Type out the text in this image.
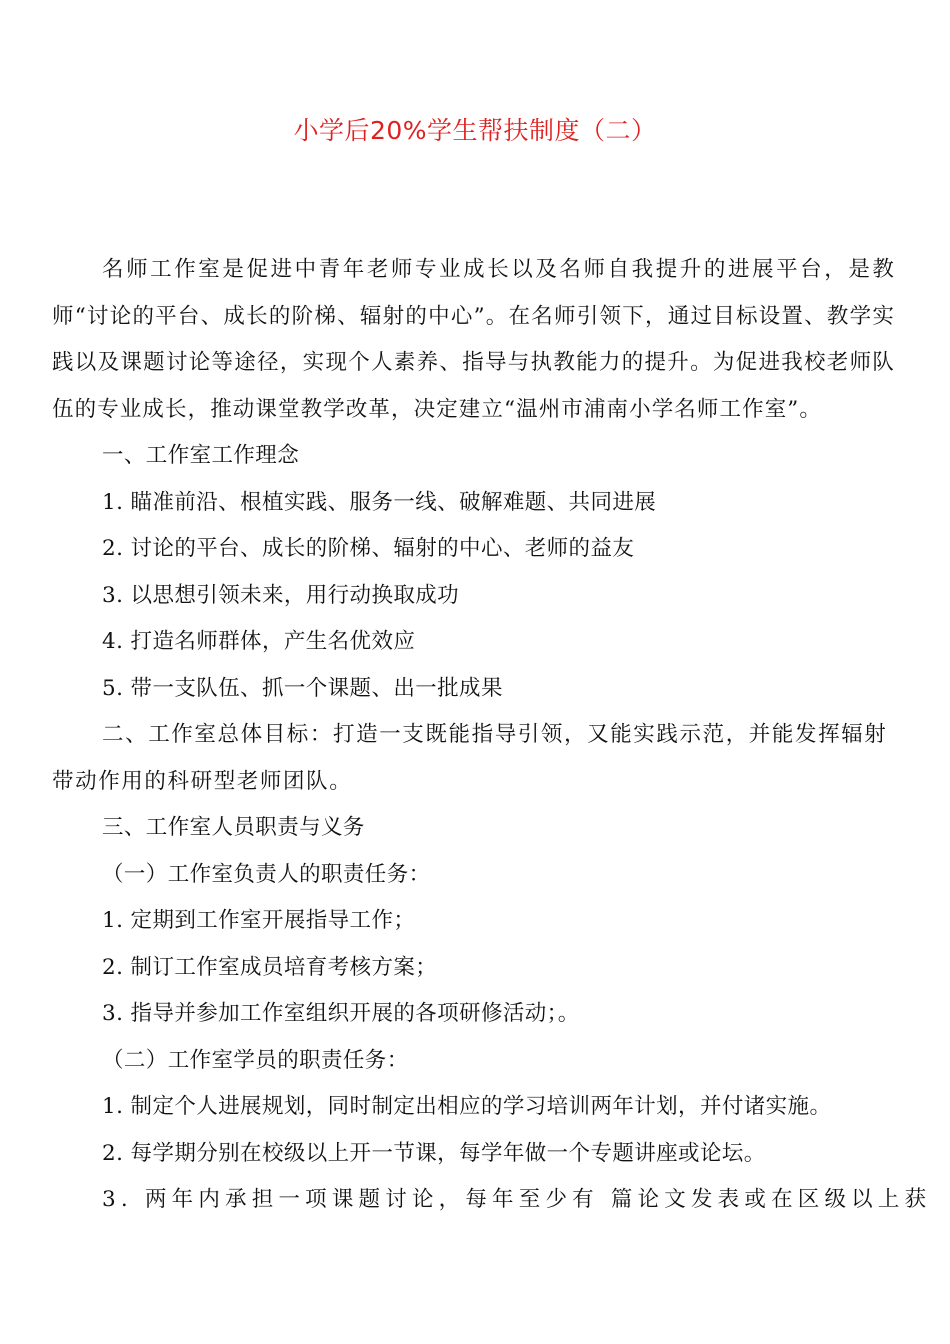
小学后20%学生帮扶制度（二）

名师工作室是促进中青年老师专业成长以及名师自我提升的进展平台，是教师“讨论的平台、成长的阶梯、辐射的中心”。在名师引领下，通过目标设置、教学实践以及课题讨论等途径，实现个人素养、指导与执教能力的提升。为促进我校老师队伍的专业成长，推动课堂教学改革，决定建立“温州市浦南小学名师工作室”。

一、工作室工作理念

1. 瞄准前沿、根植实践、服务一线、破解难题、共同进展

2. 讨论的平台、成长的阶梯、辐射的中心、老师的益友

3. 以思想引领未来，用行动换取成功

4. 打造名师群体，产生名优效应

5. 带一支队伍、抓一个课题、出一批成果

二、工作室总体目标：打造一支既能指导引领，又能实践示范，并能发挥辐射带动作用的科研型老师团队。

三、工作室人员职责与义务

（一）工作室负责人的职责任务：

1. 定期到工作室开展指导工作；

2. 制订工作室成员培育考核方案；

3. 指导并参加工作室组织开展的各项研修活动；。

（二）工作室学员的职责任务：

1. 制定个人进展规划，同时制定出相应的学习培训两年计划，并付诸实施。

2. 每学期分别在校级以上开一节课，每学年做一个专题讲座或论坛。

3. 两年内承担一项课题讨论，每年至少有 篇论文发表或在区级以上获
